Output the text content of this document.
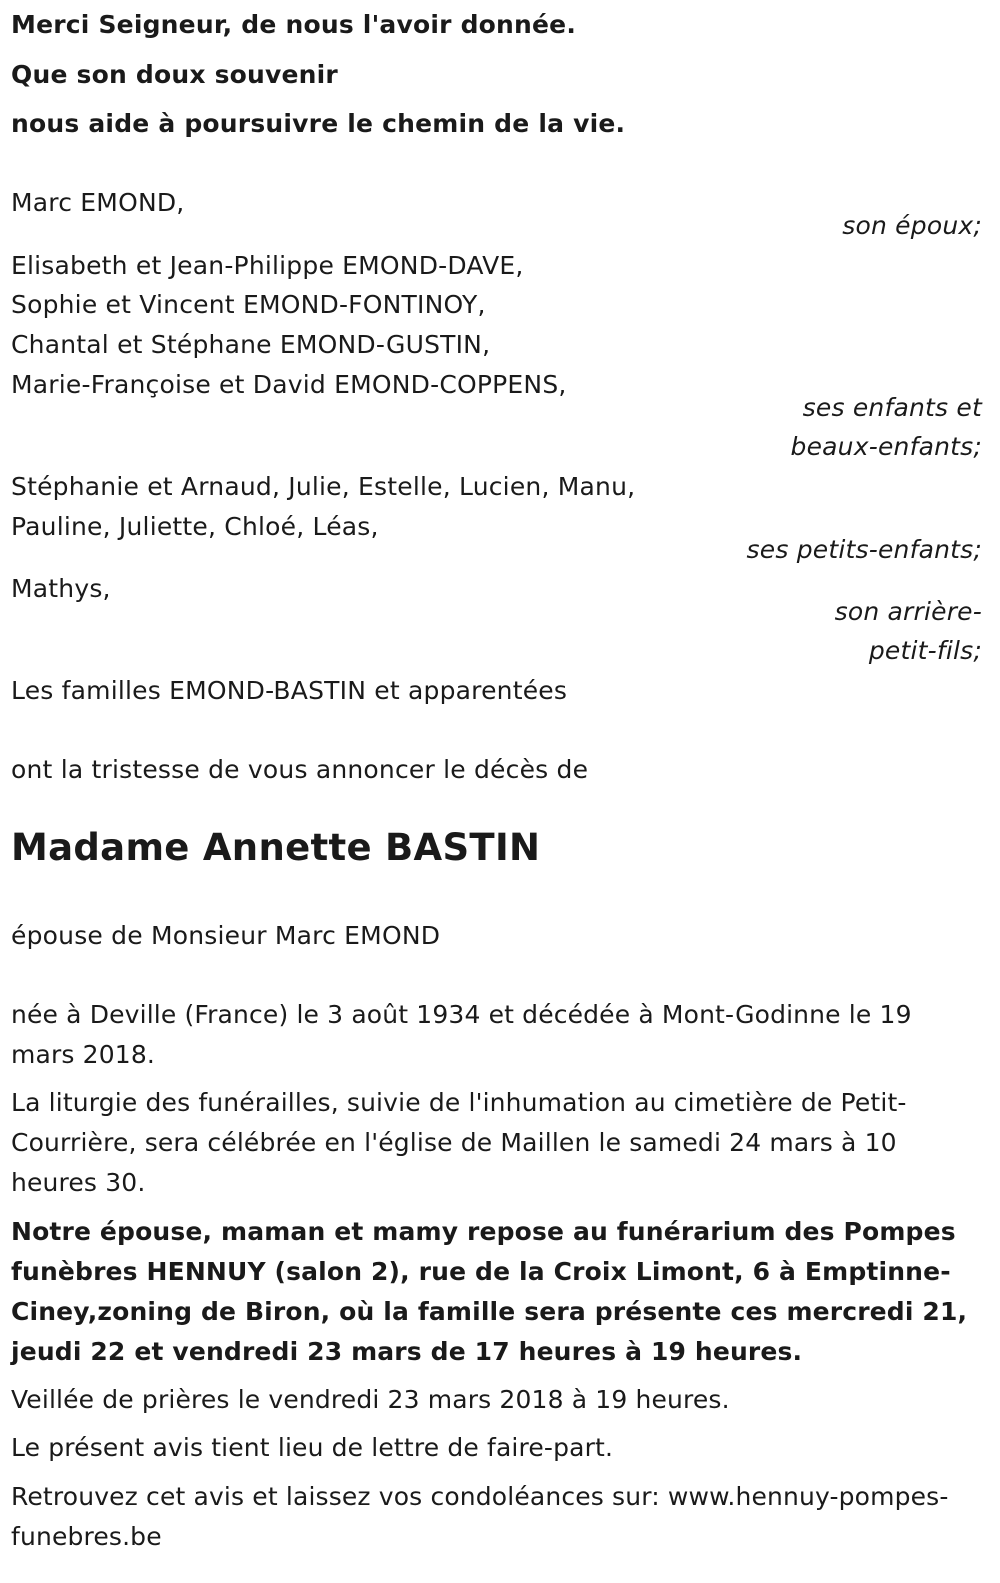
Merci Seigneur, de nous l'avoir donnée.
Que son doux souvenir
nous aide à poursuivre le chemin de la vie.
Marc EMOND,
son époux;
Elisabeth et Jean-Philippe EMOND-DAVE,
Sophie et Vincent EMOND-FONTINOY,
Chantal et Stéphane EMOND-GUSTIN,
Marie-Françoise et David EMOND-COPPENS,
ses enfants et
beaux-enfants;
Stéphanie et Arnaud, Julie, Estelle, Lucien, Manu,
Pauline, Juliette, Chloé, Léas,
ses petits-enfants;
Mathys,
son arrière-
petit-fils;
Les familles EMOND-BASTIN et apparentées
ont la tristesse de vous annoncer le décès de
Madame Annette BASTIN
épouse de Monsieur Marc EMOND
née à Deville (France) le 3 août 1934 et décédée à Mont-Godinne le 19 mars 2018.
La liturgie des funérailles, suivie de l'inhumation au cimetière de Petit-Courrière, sera célébrée en l'église de Maillen le samedi 24 mars à 10 heures 30.
Notre épouse, maman et mamy repose au funérarium des Pompes funèbres HENNUY (salon 2), rue de la Croix Limont, 6 à Emptinne-Ciney,zoning de Biron, où la famille sera présente ces mercredi 21, jeudi 22 et vendredi 23 mars de 17 heures à 19 heures.
Veillée de prières le vendredi 23 mars 2018 à 19 heures.
Le présent avis tient lieu de lettre de faire-part.
Retrouvez cet avis et laissez vos condoléances sur: www.hennuy-pompes-funebres.be
